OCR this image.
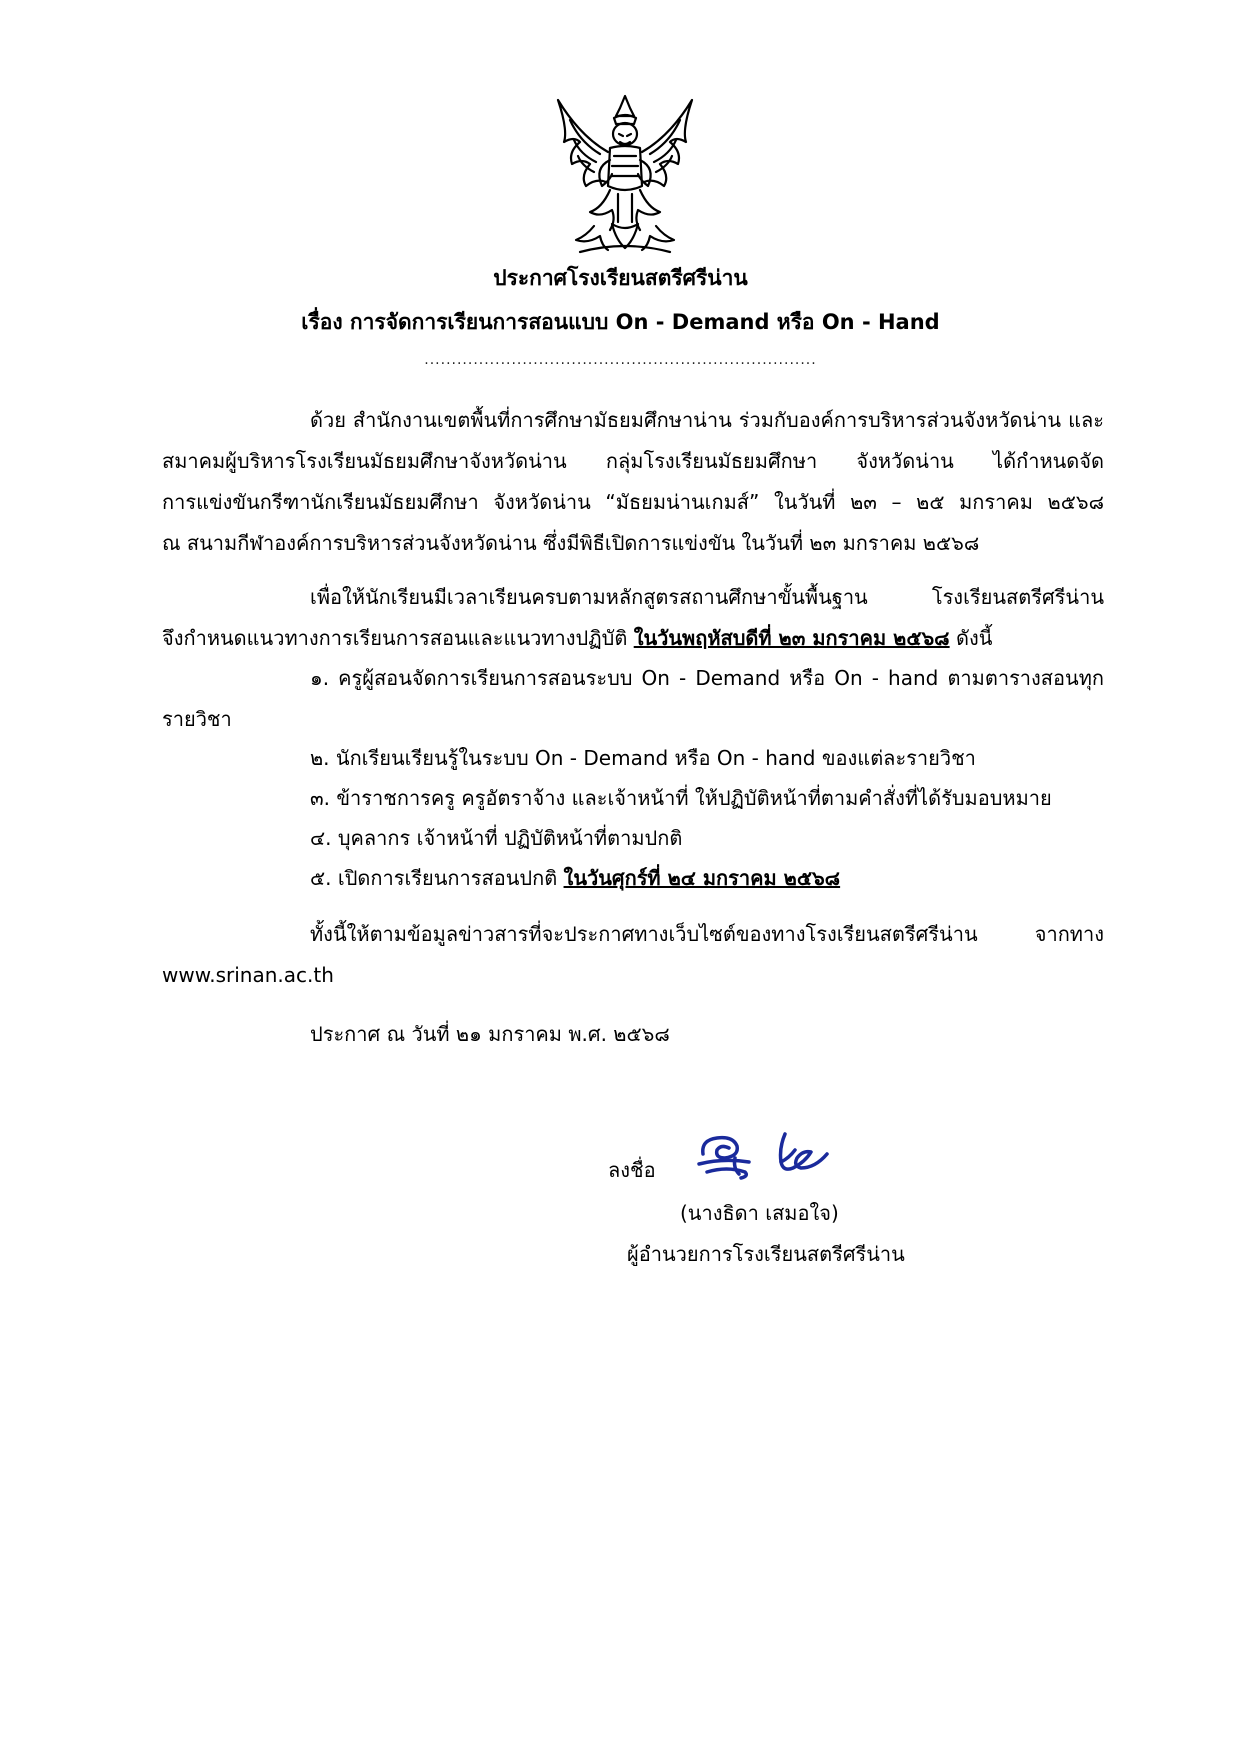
ประกาศโรงเรียนสตรีศรีน่าน
เรื่อง การจัดการเรียนการสอนแบบ On - Demand หรือ On - Hand
........................................................................
ด้วย สำนักงานเขตพื้นที่การศึกษามัธยมศึกษาน่าน ร่วมกับองค์การบริหารส่วนจังหวัดน่าน และ
สมาคมผู้บริหารโรงเรียนมัธยมศึกษาจังหวัดน่าน กลุ่มโรงเรียนมัธยมศึกษา จังหวัดน่าน ได้กำหนดจัด
การแข่งขันกรีฑานักเรียนมัธยมศึกษา จังหวัดน่าน “มัธยมน่านเกมส์” ในวันที่ ๒๓ – ๒๕ มกราคม ๒๕๖๘
ณ สนามกีฬาองค์การบริหารส่วนจังหวัดน่าน ซึ่งมีพิธีเปิดการแข่งขัน ในวันที่ ๒๓ มกราคม ๒๕๖๘
เพื่อให้นักเรียนมีเวลาเรียนครบตามหลักสูตรสถานศึกษาขั้นพื้นฐาน โรงเรียนสตรีศรีน่าน
จึงกำหนดแนวทางการเรียนการสอนและแนวทางปฏิบัติ ในวันพฤหัสบดีที่ ๒๓ มกราคม ๒๕๖๘ ดังนี้
๑. ครูผู้สอนจัดการเรียนการสอนระบบ On - Demand หรือ On - hand ตามตารางสอนทุก
รายวิชา
๒. นักเรียนเรียนรู้ในระบบ On - Demand หรือ On - hand ของแต่ละรายวิชา
๓. ข้าราชการครู ครูอัตราจ้าง และเจ้าหน้าที่ ให้ปฏิบัติหน้าที่ตามคำสั่งที่ได้รับมอบหมาย
๔. บุคลากร เจ้าหน้าที่ ปฏิบัติหน้าที่ตามปกติ
๕. เปิดการเรียนการสอนปกติ ในวันศุกร์ที่ ๒๔ มกราคม ๒๕๖๘
ทั้งนี้ให้ตามข้อมูลข่าวสารที่จะประกาศทางเว็บไซต์ของทางโรงเรียนสตรีศรีน่าน จากทาง
www.srinan.ac.th
ประกาศ ณ วันที่ ๒๑ มกราคม พ.ศ. ๒๕๖๘
ลงชื่อ
(นางธิดา เสมอใจ)
ผู้อำนวยการโรงเรียนสตรีศรีน่าน
